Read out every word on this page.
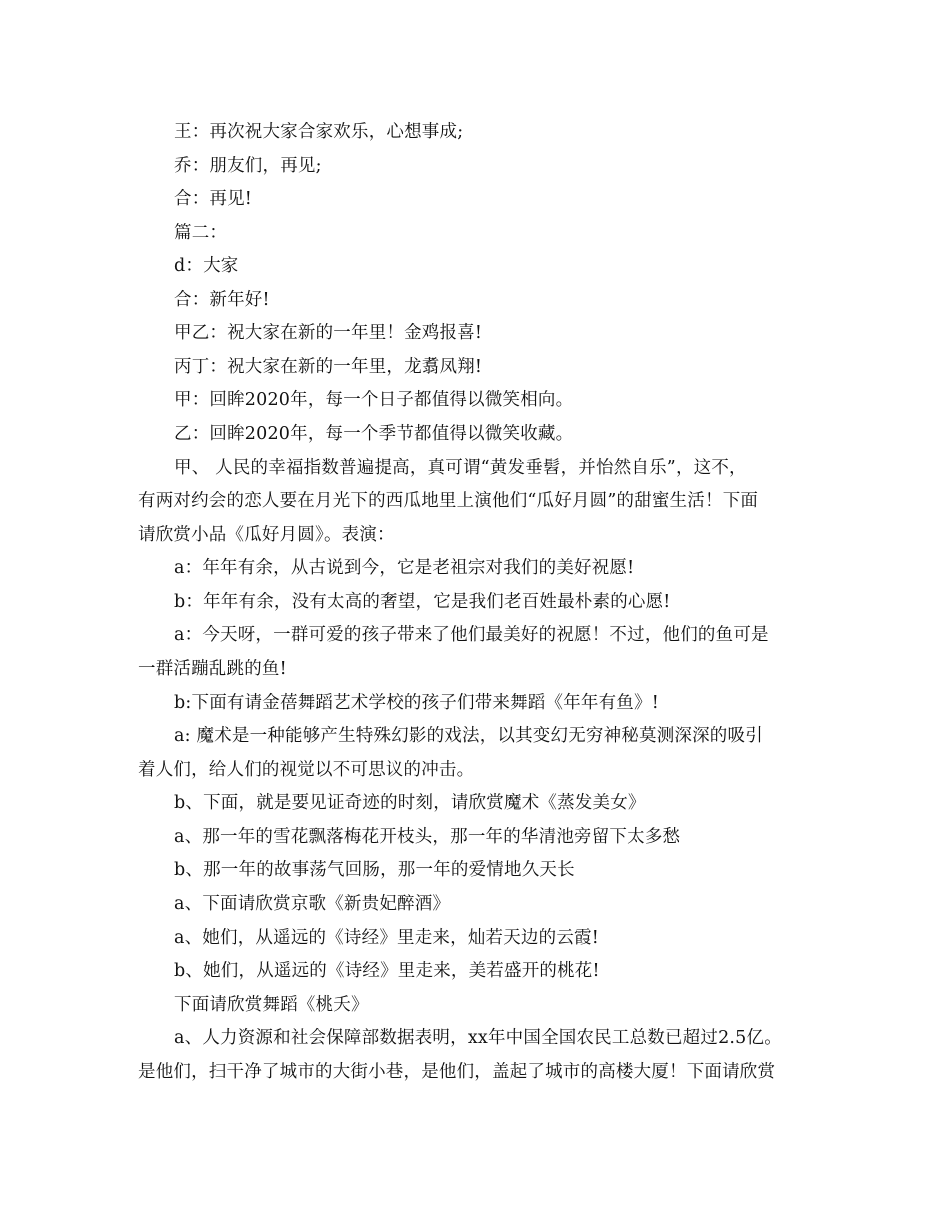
王：再次祝大家合家欢乐，心想事成;
乔：朋友们，再见;
合：再见!
篇二：
d：大家
合：新年好!
甲乙：祝大家在新的一年里！金鸡报喜!
丙丁：祝大家在新的一年里，龙翥凤翔!
甲：回眸2020年，每一个日子都值得以微笑相向。
乙：回眸2020年，每一个季节都值得以微笑收藏。
甲、 人民的幸福指数普遍提高，真可谓“黄发垂髫，并怡然自乐”，这不，
有两对约会的恋人要在月光下的西瓜地里上演他们“瓜好月圆”的甜蜜生活！下面
请欣赏小品《瓜好月圆》。表演：
a：年年有余，从古说到今，它是老祖宗对我们的美好祝愿!
b：年年有余，没有太高的奢望，它是我们老百姓最朴素的心愿!
a：今天呀，一群可爱的孩子带来了他们最美好的祝愿！不过，他们的鱼可是
一群活蹦乱跳的鱼!
b:下面有请金蓓舞蹈艺术学校的孩子们带来舞蹈《年年有鱼》!
a: 魔术是一种能够产生特殊幻影的戏法，以其变幻无穷神秘莫测深深的吸引
着人们，给人们的视觉以不可思议的冲击。
b、下面，就是要见证奇迹的时刻，请欣赏魔术《蒸发美女》
a、那一年的雪花飘落梅花开枝头，那一年的华清池旁留下太多愁
b、那一年的故事荡气回肠，那一年的爱情地久天长
a、下面请欣赏京歌《新贵妃醉酒》
a、她们，从遥远的《诗经》里走来，灿若天边的云霞!
b、她们，从遥远的《诗经》里走来，美若盛开的桃花!
下面请欣赏舞蹈《桃夭》
a、人力资源和社会保障部数据表明，xx年中国全国农民工总数已超过2.5亿。
是他们，扫干净了城市的大街小巷，是他们，盖起了城市的高楼大厦！下面请欣赏
